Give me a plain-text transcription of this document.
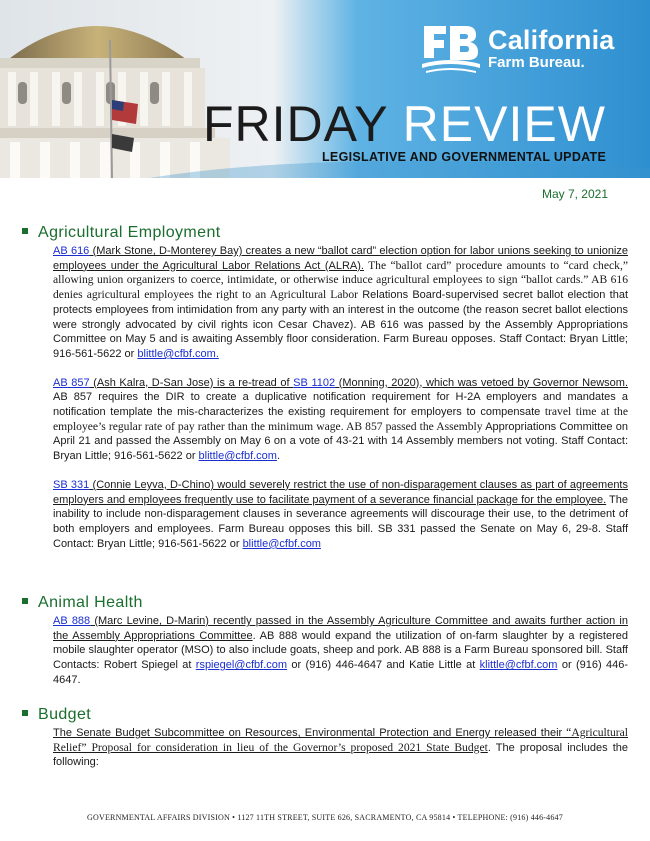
California
Farm Bureau.
FRIDAY REVIEW
LEGISLATIVE AND GOVERNMENTAL UPDATE
May 7, 2021
Agricultural Employment
AB 616 (Mark Stone, D-Monterey Bay) creates a new “ballot card” election option for labor unions seeking to unionize employees under the Agricultural Labor Relations Act (ALRA). The “ballot card” procedure amounts to “card check,” allowing union organizers to coerce, intimidate, or otherwise induce agricultural employees to sign “ballot cards.” AB 616 denies agricultural employees the right to an Agricultural Labor Relations Board-supervised secret ballot election that protects employees from intimidation from any party with an interest in the outcome (the reason secret ballot elections were strongly advocated by civil rights icon Cesar Chavez). AB 616 was passed by the Assembly Appropriations Committee on May 5 and is awaiting Assembly floor consideration. Farm Bureau opposes. Staff Contact: Bryan Little; 916-561-5622 or blittle@cfbf.com.
AB 857 (Ash Kalra, D-San Jose) is a re-tread of SB 1102 (Monning, 2020), which was vetoed by Governor Newsom. AB 857 requires the DIR to create a duplicative notification requirement for H-2A employers and mandates a notification template the mis-characterizes the existing requirement for employers to compensate travel time at the employee’s regular rate of pay rather than the minimum wage. AB 857 passed the Assembly Appropriations Committee on April 21 and passed the Assembly on May 6 on a vote of 43-21 with 14 Assembly members not voting. Staff Contact: Bryan Little; 916-561-5622 or blittle@cfbf.com.
SB 331 (Connie Leyva, D-Chino) would severely restrict the use of non-disparagement clauses as part of agreements employers and employees frequently use to facilitate payment of a severance financial package for the employee. The inability to include non-disparagement clauses in severance agreements will discourage their use, to the detriment of both employers and employees. Farm Bureau opposes this bill. SB 331 passed the Senate on May 6, 29-8. Staff Contact: Bryan Little; 916-561-5622 or blittle@cfbf.com
Animal Health
AB 888 (Marc Levine, D-Marin) recently passed in the Assembly Agriculture Committee and awaits further action in the Assembly Appropriations Committee. AB 888 would expand the utilization of on-farm slaughter by a registered mobile slaughter operator (MSO) to also include goats, sheep and pork. AB 888 is a Farm Bureau sponsored bill. Staff Contacts: Robert Spiegel at rspiegel@cfbf.com or (916) 446-4647 and Katie Little at klittle@cfbf.com or (916) 446-4647.
Budget
The Senate Budget Subcommittee on Resources, Environmental Protection and Energy released their “Agricultural Relief” Proposal for consideration in lieu of the Governor’s proposed 2021 State Budget. The proposal includes the following:
GOVERNMENTAL AFFAIRS DIVISION • 1127 11TH STREET, SUITE 626, SACRAMENTO, CA 95814 • TELEPHONE: (916) 446-4647
